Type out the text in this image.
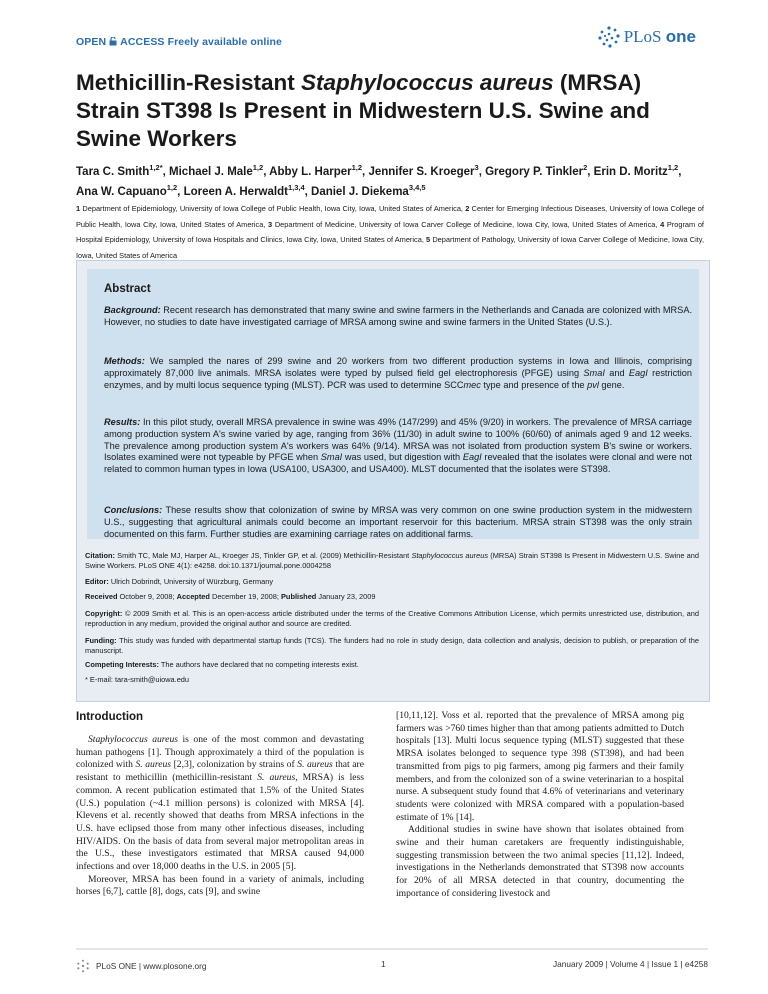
OPEN ACCESS Freely available online	PLoS one
Methicillin-Resistant Staphylococcus aureus (MRSA) Strain ST398 Is Present in Midwestern U.S. Swine and Swine Workers

Tara C. Smith$^{1,2*}$, Michael J. Male$^{1,2}$, Abby L. Harper$^{1,2}$, Jennifer S. Kroeger$^3$, Gregory P. Tinkler$^2$, Erin D. Moritz$^{1,2}$, Ana W. Capuano$^{1,2}$, Loreen A. Herwaldt$^{1,3,4}$, Daniel J. Diekema$^{3,4,5}$

1 Department of Epidemiology, University of Iowa College of Public Health, Iowa City, Iowa, United States of America, 2 Center for Emerging Infectious Diseases, University of Iowa College of Public Health, Iowa City, Iowa, United States of America, 3 Department of Medicine, University of Iowa Carver College of Medicine, Iowa City, Iowa, United States of America, 4 Program of Hospital Epidemiology, University of Iowa Hospitals and Clinics, Iowa City, Iowa, United States of America, 5 Department of Pathology, University of Iowa Carver College of Medicine, Iowa City, Iowa, United States of America

Abstract

Background: Recent research has demonstrated that many swine and swine farmers in the Netherlands and Canada are colonized with MRSA. However, no studies to date have investigated carriage of MRSA among swine and swine farmers in the United States (U.S.).

Methods: We sampled the nares of 299 swine and 20 workers from two different production systems in Iowa and Illinois, comprising approximately 87,000 live animals. MRSA isolates were typed by pulsed field gel electrophoresis (PFGE) using SmaI and EagI restriction enzymes, and by multi locus sequence typing (MLST). PCR was used to determine SCCmec type and presence of the pvl gene.

Results: In this pilot study, overall MRSA prevalence in swine was 49% (147/299) and 45% (9/20) in workers. The prevalence of MRSA carriage among production system A's swine varied by age, ranging from 36% (11/30) in adult swine to 100% (60/60) of animals aged 9 and 12 weeks. The prevalence among production system A's workers was 64% (9/14). MRSA was not isolated from production system B's swine or workers. Isolates examined were not typeable by PFGE when SmaI was used, but digestion with EagI revealed that the isolates were clonal and were not related to common human types in Iowa (USA100, USA300, and USA400). MLST documented that the isolates were ST398.

Conclusions: These results show that colonization of swine by MRSA was very common on one swine production system in the midwestern U.S., suggesting that agricultural animals could become an important reservoir for this bacterium. MRSA strain ST398 was the only strain documented on this farm. Further studies are examining carriage rates on additional farms.

Citation: Smith TC, Male MJ, Harper AL, Kroeger JS, Tinkler GP, et al. (2009) Methicillin-Resistant Staphylococcus aureus (MRSA) Strain ST398 Is Present in Midwestern U.S. Swine and Swine Workers. PLoS ONE 4(1): e4258. doi:10.1371/journal.pone.0004258

Editor: Ulrich Dobrindt, University of Würzburg, Germany

Received October 9, 2008; Accepted December 19, 2008; Published January 23, 2009

Copyright: © 2009 Smith et al. This is an open-access article distributed under the terms of the Creative Commons Attribution License, which permits unrestricted use, distribution, and reproduction in any medium, provided the original author and source are credited.

Funding: This study was funded with departmental startup funds (TCS). The funders had no role in study design, data collection and analysis, decision to publish, or preparation of the manuscript.

Competing Interests: The authors have declared that no competing interests exist.

* E-mail: tara-smith@uiowa.edu

Introduction

Staphylococcus aureus is one of the most common and devastating human pathogens [1]. Though approximately a third of the population is colonized with S. aureus [2,3], colonization by strains of S. aureus that are resistant to methicillin (methicillin-resistant S. aureus, MRSA) is less common. A recent publication estimated that 1.5% of the United States (U.S.) population (~4.1 million persons) is colonized with MRSA [4]. Klevens et al. recently showed that deaths from MRSA infections in the U.S. have eclipsed those from many other infectious diseases, including HIV/AIDS. On the basis of data from several major metropolitan areas in the U.S., these investigators estimated that MRSA caused 94,000 infections and over 18,000 deaths in the U.S. in 2005 [5].

Moreover, MRSA has been found in a variety of animals, including horses [6,7], cattle [8], dogs, cats [9], and swine

[10,11,12]. Voss et al. reported that the prevalence of MRSA among pig farmers was >760 times higher than that among patients admitted to Dutch hospitals [13]. Multi locus sequence typing (MLST) suggested that these MRSA isolates belonged to sequence type 398 (ST398), and had been transmitted from pigs to pig farmers, among pig farmers and their family members, and from the colonized son of a swine veterinarian to a hospital nurse. A subsequent study found that 4.6% of veterinarians and veterinary students were colonized with MRSA compared with a population-based estimate of 1% [14].

Additional studies in swine have shown that isolates obtained from swine and their human caretakers are frequently indistinguishable, suggesting transmission between the two animal species [11,12]. Indeed, investigations in the Netherlands demonstrated that ST398 now accounts for 20% of all MRSA detected in that country, documenting the importance of considering livestock and

PLoS ONE | www.plosone.org	1	January 2009 | Volume 4 | Issue 1 | e4258
